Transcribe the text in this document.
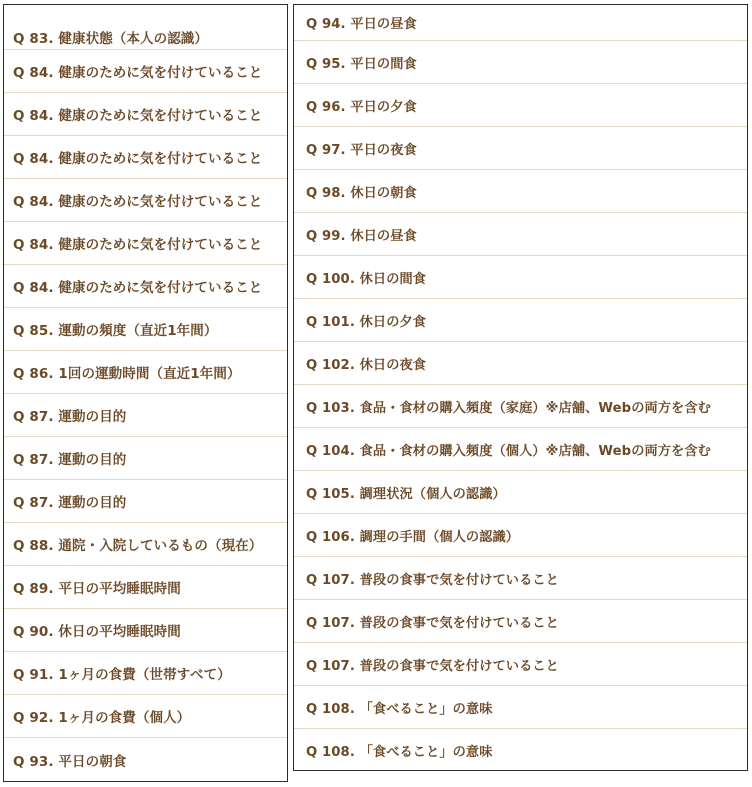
Q 83. 健康状態（本人の認識）
Q 84. 健康のために気を付けていること
Q 84. 健康のために気を付けていること
Q 84. 健康のために気を付けていること
Q 84. 健康のために気を付けていること
Q 84. 健康のために気を付けていること
Q 84. 健康のために気を付けていること
Q 85. 運動の頻度（直近1年間）
Q 86. 1回の運動時間（直近1年間）
Q 87. 運動の目的
Q 87. 運動の目的
Q 87. 運動の目的
Q 88. 通院・入院しているもの（現在）
Q 89. 平日の平均睡眠時間
Q 90. 休日の平均睡眠時間
Q 91. 1ヶ月の食費（世帯すべて）
Q 92. 1ヶ月の食費（個人）
Q 93. 平日の朝食
Q 94. 平日の昼食
Q 95. 平日の間食
Q 96. 平日の夕食
Q 97. 平日の夜食
Q 98. 休日の朝食
Q 99. 休日の昼食
Q 100. 休日の間食
Q 101. 休日の夕食
Q 102. 休日の夜食
Q 103. 食品・食材の購入頻度（家庭）※店舗、Webの両方を含む
Q 104. 食品・食材の購入頻度（個人）※店舗、Webの両方を含む
Q 105. 調理状況（個人の認識）
Q 106. 調理の手間（個人の認識）
Q 107. 普段の食事で気を付けていること
Q 107. 普段の食事で気を付けていること
Q 107. 普段の食事で気を付けていること
Q 108. 「食べること」の意味
Q 108. 「食べること」の意味
